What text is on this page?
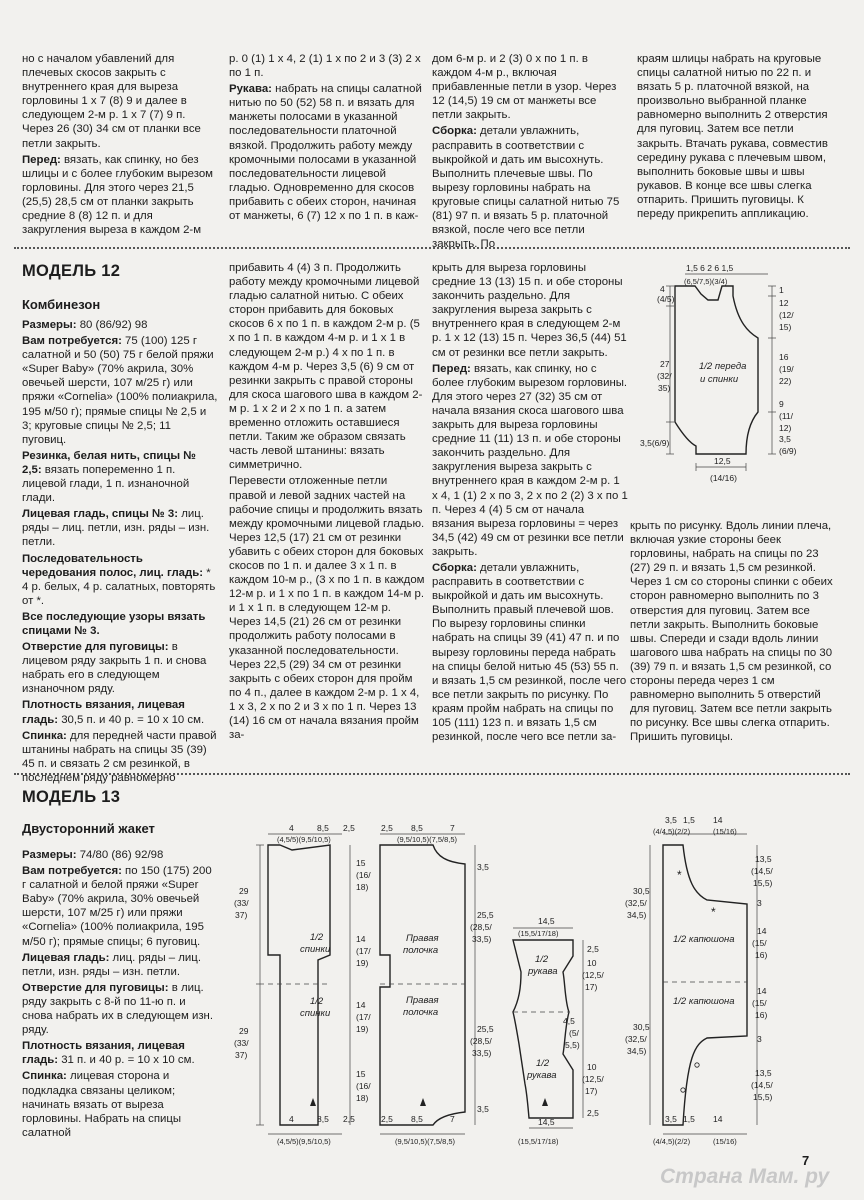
но с началом убавлений для плечевых скосов закрыть с внутреннего края для выреза горловины 1 х 7 (8) 9 и далее в следующем 2-м р. 1 х 7 (7) 9 п. Через 26 (30) 34 см от планки все петли закрыть.

Перед: вязать, как спинку, но без шлицы и с более глубоким вырезом горловины. Для этого через 21,5 (25,5) 28,5 см от планки закрыть средние 8 (8) 12 п. и для закругления выреза в каждом 2-м

р. 0 (1) 1 х 4, 2 (1) 1 х по 2 и 3 (3) 2 х по 1 п.

Рукава: набрать на спицы салатной нитью по 50 (52) 58 п. и вязать для манжеты полосами в указанной последовательности платочной вязкой. Продолжить работу между кромочными полосами в указанной последовательности лицевой гладью. Одновременно для скосов прибавить с обеих сторон, начиная от манжеты, 6 (7) 12 х по 1 п. в каж-

дом 6-м р. и 2 (3) 0 х по 1 п. в каждом 4-м р., включая прибавленные петли в узор. Через 12 (14,5) 19 см от манжеты все петли закрыть.

Сборка: детали увлажнить, расправить в соответствии с выкройкой и дать им высохнуть. Выполнить плечевые швы. По вырезу горловины набрать на круговые спицы салатной нитью 75 (81) 97 п. и вязать 5 р. платочной вязкой, после чего все петли закрыть. По

краям шлицы набрать на круговые спицы салатной нитью по 22 п. и вязать 5 р. платочной вязкой, на произвольно выбранной планке равномерно выполнить 2 отверстия для пуговиц. Затем все петли закрыть. Втачать рукава, совместив середину рукава с плечевым швом, выполнить боковые швы и швы рукавов. В конце все швы слегка отпарить. Пришить пуговицы. К переду прикрепить аппликацию.

МОДЕЛЬ 12
Комбинезон

Размеры: 80 (86/92) 98

Вам потребуется: 75 (100) 125 г салатной и 50 (50) 75 г белой пряжи «Super Baby» (70% акрила, 30% овечьей шерсти, 107 м/25 г) или пряжи «Cornelia» (100% полиакрила, 195 м/50 г); прямые спицы № 2,5 и 3; круговые спицы № 2,5; 11 пуговиц.

Резинка, белая нить, спицы № 2,5: вязать попеременно 1 п. лицевой глади, 1 п. изнаночной глади.

Лицевая гладь, спицы № 3: лиц. ряды – лиц. петли, изн. ряды – изн. петли.

Последовательность чередования полос, лиц. гладь: * 4 р. белых, 4 р. салатных, повторять от *.

Все последующие узоры вязать спицами № 3.

Отверстие для пуговицы: в лицевом ряду закрыть 1 п. и снова набрать его в следующем изнаночном ряду.

Плотность вязания, лицевая гладь: 30,5 п. и 40 р. = 10 х 10 см.

Спинка: для передней части правой штанины набрать на спицы 35 (39) 45 п. и связать 2 см резинкой, в последнем ряду равномерно

прибавить 4 (4) 3 п. Продолжить работу между кромочными лицевой гладью салатной нитью. С обеих сторон прибавить для боковых скосов 6 х по 1 п. в каждом 2-м р. (5 х по 1 п. в каждом 4-м р. и 1 х 1 в следующем 2-м р.) 4 х по 1 п. в каждом 4-м р. Через 3,5 (6) 9 см от резинки закрыть с правой стороны для скоса шагового шва в каждом 2-м р. 1 х 2 и 2 х по 1 п. а затем временно отложить оставшиеся петли. Таким же образом связать часть левой штанины: вязать симметрично.

Перевести отложенные петли правой и левой задних частей на рабочие спицы и продолжить вязать между кромочными лицевой гладью. Через 12,5 (17) 21 см от резинки убавить с обеих сторон для боковых скосов по 1 п. и далее 3 х 1 п. в каждом 10-м р., (3 х по 1 п. в каждом 12-м р. и 1 х по 1 п. в каждом 14-м р. и 1 х 1 п. в следующем 12-м р. Через 14,5 (21) 26 см от резинки продолжить работу полосами в указанной последовательности. Через 22,5 (29) 34 см от резинки закрыть с обеих сторон для пройм по 4 п., далее в каждом 2-м р. 1 х 4, 1 х 3, 2 х по 2 и 3 х по 1 п. Через 13 (14) 16 см от начала вязания пройм за-

крыть для выреза горловины средние 13 (13) 15 п. и обе стороны закончить раздельно. Для закругления выреза закрыть с внутреннего края в следующем 2-м р. 1 х 12 (13) 15 п. Через 36,5 (44) 51 см от резинки все петли закрыть.

Перед: вязать, как спинку, но с более глубоким вырезом горловины. Для этого через 27 (32) 35 см от начала вязания скоса шагового шва закрыть для выреза горловины средние 11 (11) 13 п. и обе стороны закончить раздельно. Для закругления выреза закрыть с внутреннего края в каждом 2-м р. 1 х 4, 1 (1) 2 х по 3, 2 х по 2 (2) 3 х по 1 п. Через 4 (4) 5 см от начала вязания выреза горловины = через 34,5 (42) 49 см от резинки все петли закрыть.

Сборка: детали увлажнить, расправить в соответствии с выкройкой и дать им высохнуть. Выполнить правый плечевой шов. По вырезу горловины спинки набрать на спицы 39 (41) 47 п. и по вырезу горловины переда набрать на спицы белой нитью 45 (53) 55 п. и вязать 1,5 см резинкой, после чего все петли закрыть по рисунку. По краям пройм набрать на спицы по 105 (111) 123 п. и вязать 1,5 см резинкой, после чего все петли за-

крыть по рисунку. Вдоль линии плеча, включая узкие стороны беек горловины, набрать на спицы по 23 (27) 29 п. и вязать 1,5 см резинкой. Через 1 см со стороны спинки с обеих сторон равномерно выполнить по 3 отверстия для пуговиц. Затем все петли закрыть. Выполнить боковые швы. Спереди и сзади вдоль линии шагового шва набрать на спицы по 30 (39) 79 п. и вязать 1,5 см резинкой, со стороны переда через 1 см равномерно выполнить 5 отверстий для пуговиц. Затем все петли закрыть по рисунку. Все швы слегка отпарить. Пришить пуговицы.

1,5 6 2 6 1,5
(6,5/7,5)(3/4)
4
(4/5)
27
(32/
35)
3,5(6/9)
1
12
(12/
15)
16
(19/
22)
9
(11/
12)
3,5
(6/9)
1/2 переда
и спинки
12,5
(14/16)
МОДЕЛЬ 13
Двусторонний жакет

Размеры: 74/80 (86) 92/98

Вам потребуется: по 150 (175) 200 г салатной и белой пряжи «Super Baby» (70% акрила, 30% овечьей шерсти, 107 м/25 г) или пряжи «Cornelia» (100% полиакрила, 195 м/50 г); прямые спицы; 6 пуговиц.

Лицевая гладь: лиц. ряды – лиц. петли, изн. ряды – изн. петли.

Отверстие для пуговицы: в лиц. ряду закрыть с 8-й по 11-ю п. и снова набрать их в следующем изн. ряду.

Плотность вязания, лицевая гладь: 31 п. и 40 р. = 10 х 10 см.

Спинка: лицевая сторона и подкладка связаны целиком; начинать вязать от выреза горловины. Набрать на спицы салатной

*
*
4	8,5 2,5
(4,5/5)(9,5/10,5)
29
(33/
37)
29
(33/
37)
15
(16/
18)
14
(17/
19)
14
(17/
19)
15
(16/
18)
4	8,5 2,5
(4,5/5)(9,5/10,5)
1/2
спинки
1/2
спинки
2,5 8,5	7
(9,5/10,5)(7,5/8,5)
3,5
25,5
(28,5/
33,5)
25,5
(28,5/
33,5)
3,5
2,5 8,5	7
(9,5/10,5)(7,5/8,5)
Правая
полочка
Правая
полочка
14,5
(15,5/17/18)
2,5
10
(12,5/
17)
4,5
(5/
5,5)
10
(12,5/
17)
2,5
14,5
(15,5/17/18)
1/2
рукава
1/2
рукава
3,5 1,5 14
(4/4,5)(2/2)	(15/16)
30,5
(32,5/
34,5)
30,5
(32,5/
34,5)
13,5
(14,5/
15,5)
3
14
(15/
16)
14
(15/
16)
3
13,5
(14,5/
15,5)
3,5 1,5 14
(4/4,5)(2/2)	(15/16)
1/2 капюшона
1/2 капюшона
7
Страна Мам. ру
